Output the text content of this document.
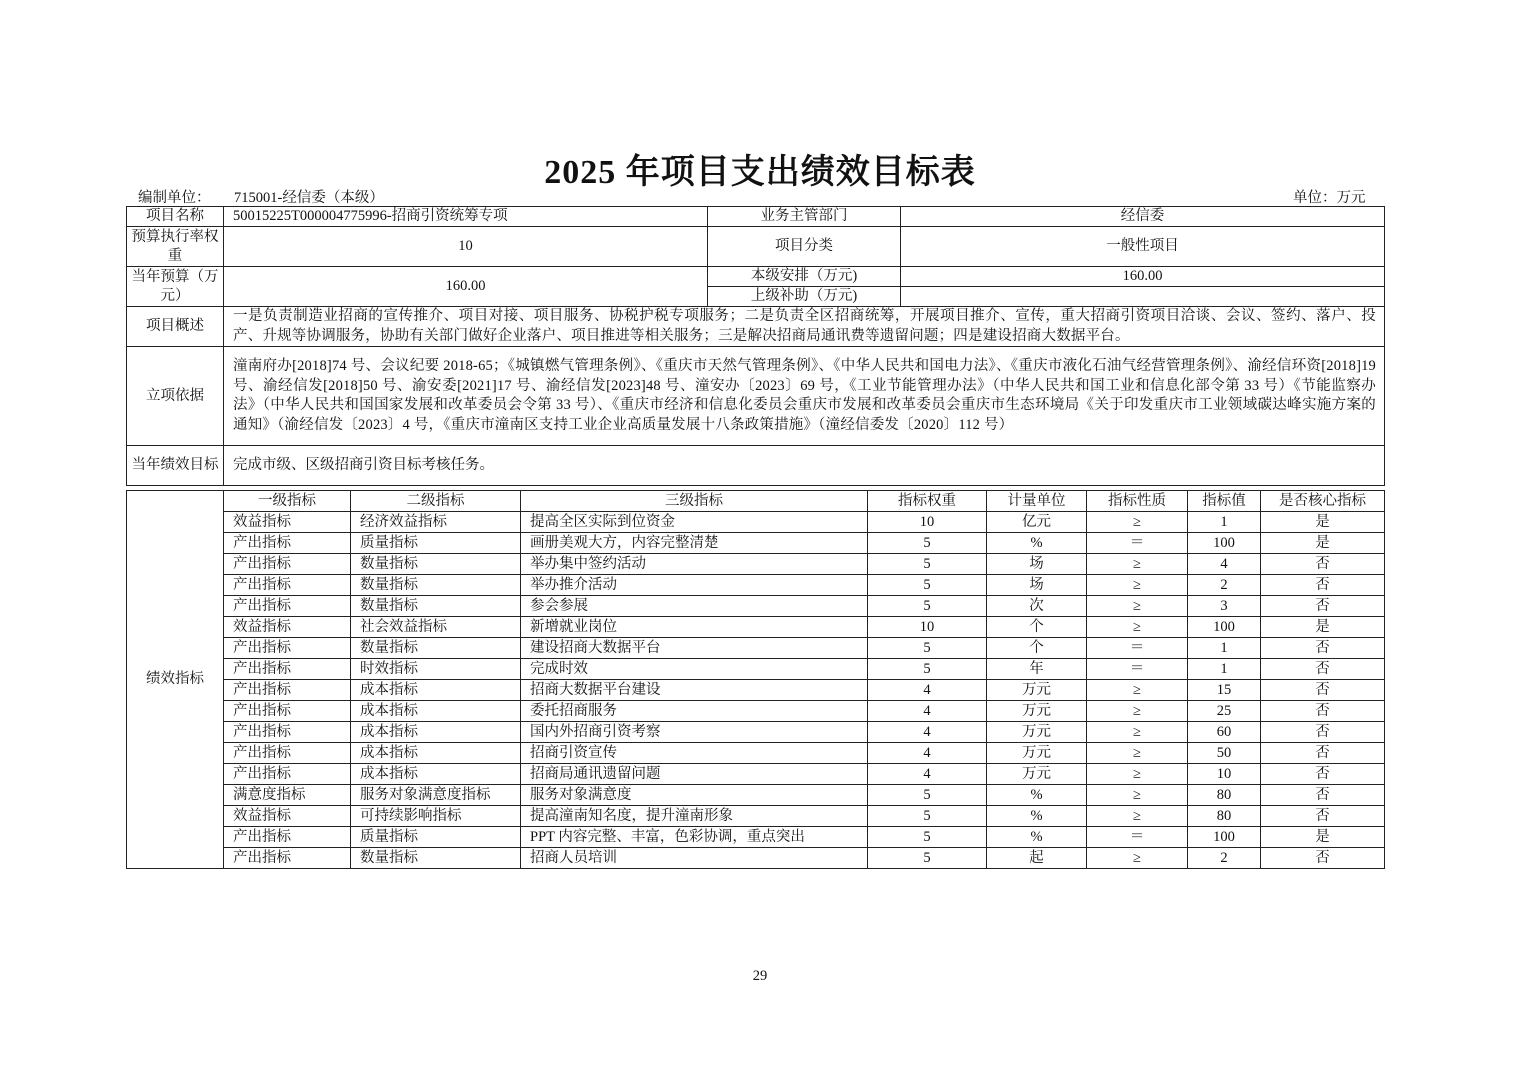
2025 年项目支出绩效目标表
编制单位： 715001-经信委（本级）	单位：万元
项目名称	50015225T000004775996-招商引资统筹专项	业务主管部门	经信委
预算执行率权重	10	项目分类	一般性项目
当年预算（万元）	160.00	本级安排（万元)	160.00
		上级补助（万元)	
项目概述	一是负责制造业招商的宣传推介、项目对接、项目服务、协税护税专项服务；二是负责全区招商统筹，开展项目推介、宣传，重大招商引资项目洽谈、会议、签约、落户、投产、升规等协调服务，协助有关部门做好企业落户、项目推进等相关服务；三是解决招商局通讯费等遗留问题；四是建设招商大数据平台。		
立项依据	潼南府办[2018]74 号、会议纪要 2018-65；《城镇燃气管理条例》、《重庆市天然气管理条例》、《中华人民共和国电力法》、《重庆市液化石油气经营管理条例》、渝经信环资[2018]19 号、渝经信发[2018]50 号、渝安委[2021]17 号、渝经信发[2023]48 号、潼安办〔2023〕69 号，《工业节能管理办法》（中华人民共和国工业和信息化部令第 33 号）《节能监察办法》（中华人民共和国国家发展和改革委员会令第 33 号）、《重庆市经济和信息化委员会重庆市发展和改革委员会重庆市生态环境局《关于印发重庆市工业领域碳达峰实施方案的通知》（渝经信发〔2023〕4 号，《重庆市潼南区支持工业企业高质量发展十八条政策措施》（潼经信委发〔2020〕112 号）		
当年绩效目标	完成市级、区级招商引资目标考核任务。		
绩效指标	一级指标	二级指标	三级指标	指标权重	计量单位	指标性质	指标值	是否核心指标
	效益指标	经济效益指标	提高全区实际到位资金	10	亿元	≥	1	是
	产出指标	质量指标	画册美观大方，内容完整清楚	5	%	＝	100	是
	产出指标	数量指标	举办集中签约活动	5	场	≥	4	否
	产出指标	数量指标	举办推介活动	5	场	≥	2	否
	产出指标	数量指标	参会参展	5	次	≥	3	否
	效益指标	社会效益指标	新增就业岗位	10	个	≥	100	是
	产出指标	数量指标	建设招商大数据平台	5	个	＝	1	否
	产出指标	时效指标	完成时效	5	年	＝	1	否
	产出指标	成本指标	招商大数据平台建设	4	万元	≥	15	否
	产出指标	成本指标	委托招商服务	4	万元	≥	25	否
	产出指标	成本指标	国内外招商引资考察	4	万元	≥	60	否
	产出指标	成本指标	招商引资宣传	4	万元	≥	50	否
	产出指标	成本指标	招商局通讯遗留问题	4	万元	≥	10	否
	满意度指标	服务对象满意度指标	服务对象满意度	5	%	≥	80	否
	效益指标	可持续影响指标	提高潼南知名度，提升潼南形象	5	%	≥	80	否
	产出指标	质量指标	PPT 内容完整、丰富，色彩协调，重点突出	5	%	＝	100	是
	产出指标	数量指标	招商人员培训	5	起	≥	2	否
29
